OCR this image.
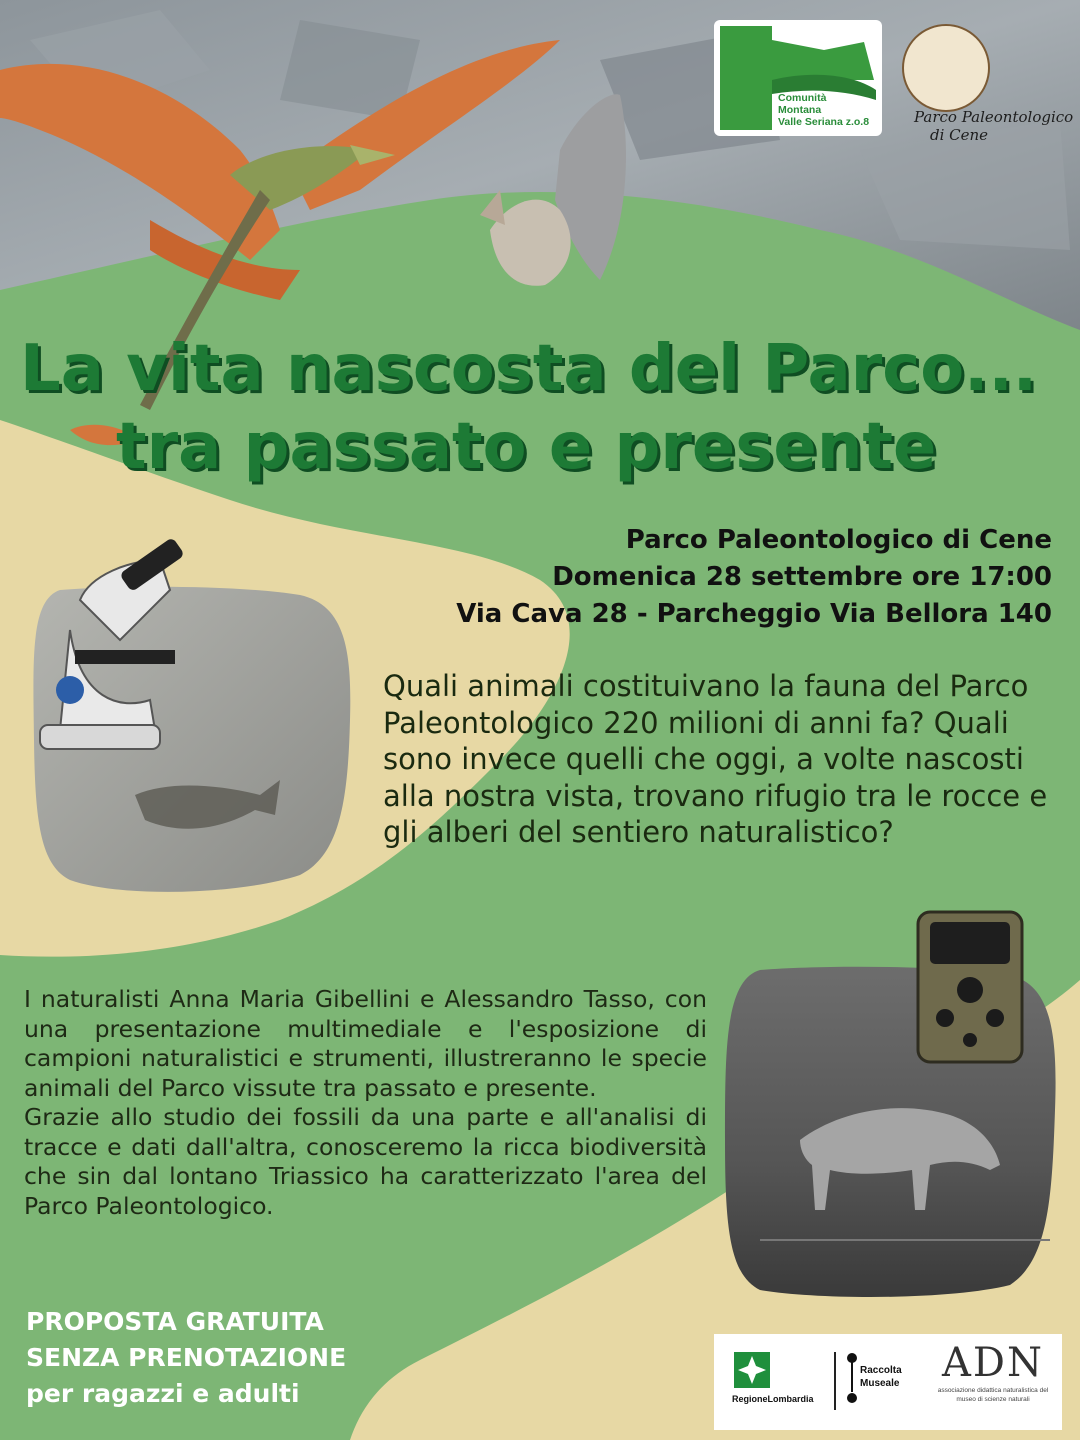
Comunità
Montana
Valle Seriana z.o.8	Parco Paleontologico
di Cene
La vita nascosta del Parco...
tra passato e presente
Parco Paleontologico di Cene
Domenica 28 settembre ore 17:00
Via Cava 28 - Parcheggio Via Bellora 140
Quali animali costituivano la fauna del Parco Paleontologico 220 milioni di anni fa? Quali sono invece quelli che oggi, a volte nascosti alla nostra vista, trovano rifugio tra le rocce e gli alberi del sentiero naturalistico?

I naturalisti Anna Maria Gibellini e Alessandro Tasso, con una presentazione multimediale e l'esposizione di campioni naturalistici e strumenti, illustreranno le specie animali del Parco vissute tra passato e presente.

Grazie allo studio dei fossili da una parte e all'analisi di tracce e dati dall'altra, conosceremo la ricca biodiversità che sin dal lontano Triassico ha caratterizzato l'area del Parco Paleontologico.

PROPOSTA GRATUITA
SENZA PRENOTAZIONE
per ragazzi e adulti	RegioneLombardia
Raccolta
Museale	ADN
associazione didattica naturalistica del museo di scienze naturali
